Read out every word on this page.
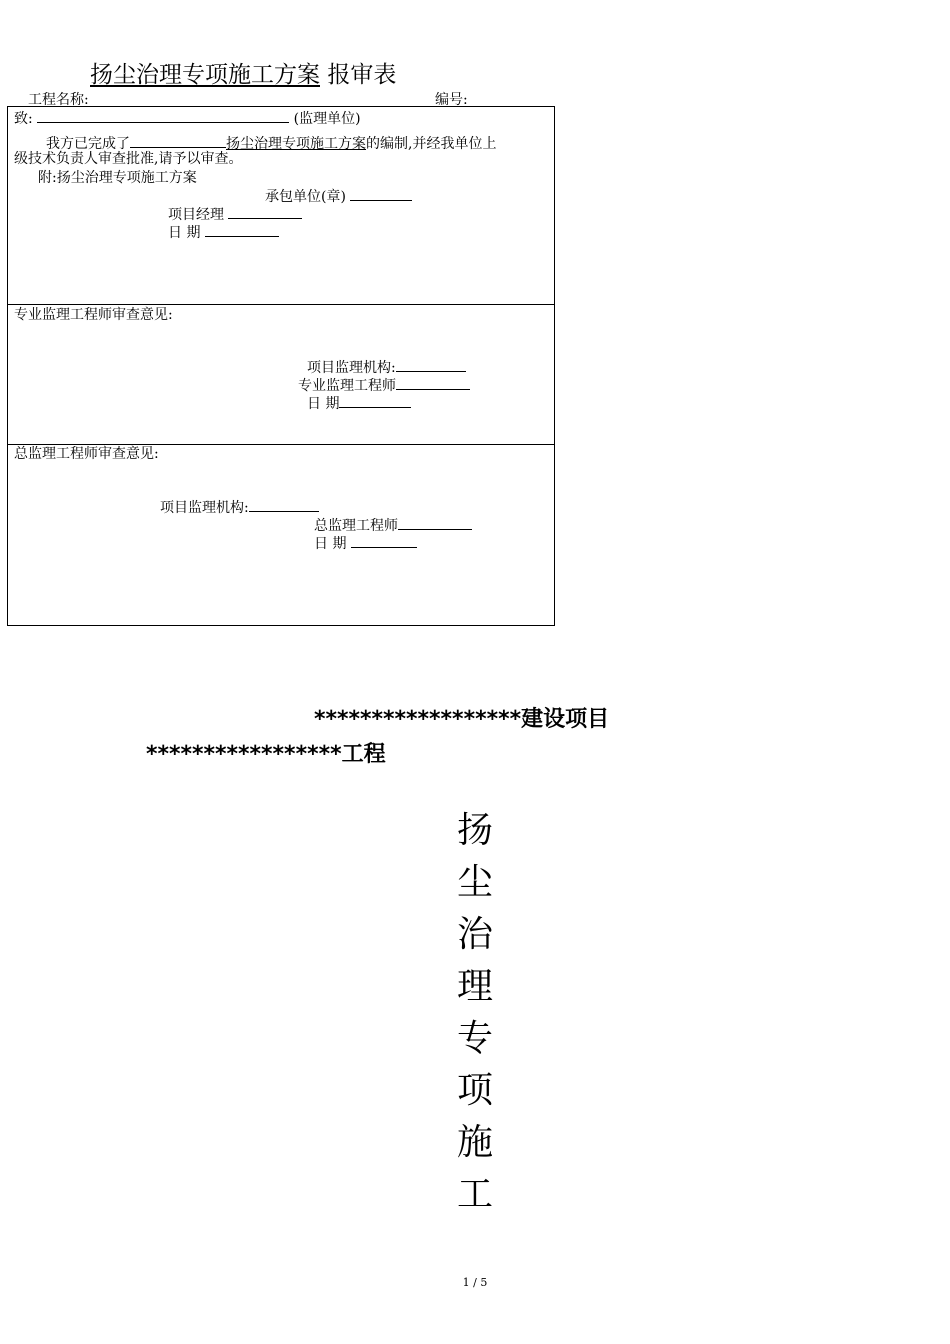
扬尘治理专项施工方案 报审表
工程名称:	编号:
致:	(监理单位)
我方已完成了	扬尘治理专项施工方案的编制,并经我单位上
级技术负责人审查批准,请予以审查。
附:扬尘治理专项施工方案
承包单位(章)
项目经理
日 期
专业监理工程师审查意见:
项目监理机构:
专业监理工程师
日 期
总监理工程师审查意见:
项目监理机构:
总监理工程师
日 期
******************建设项目
*****************工程
扬
尘
治
理
专
项
施
工
1 / 5
